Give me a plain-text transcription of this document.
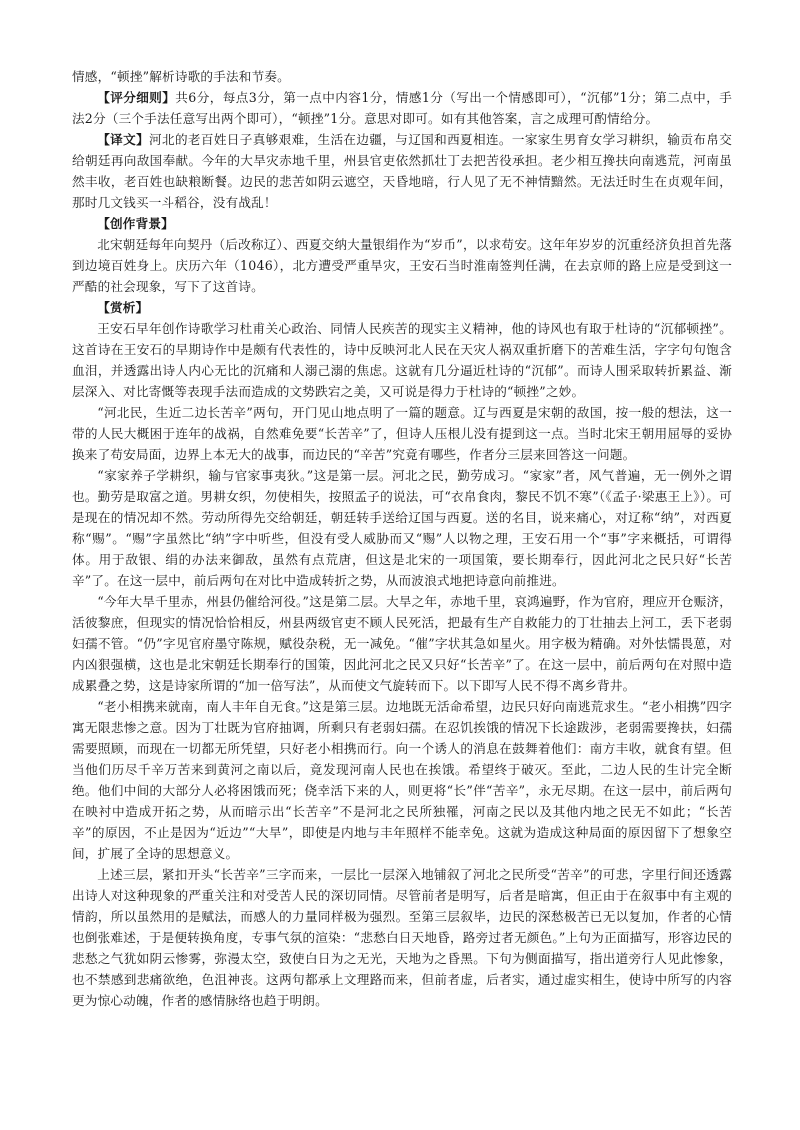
情感，“顿挫”解析诗歌的手法和节奏。

【评分细则】共6分，每点3分，第一点中内容1分，情感1分（写出一个情感即可），“沉郁”1分；第二点中，手法2分（三个手法任意写出两个即可），“顿挫”1分。意思对即可。如有其他答案，言之成理可酌情给分。

【译文】河北的老百姓日子真够艰难，生活在边疆，与辽国和西夏相连。一家家生男育女学习耕织，输贡布帛交给朝廷再向敌国奉献。今年的大旱灾赤地千里，州县官吏依然抓壮丁去把苦役承担。老少相互搀扶向南逃荒，河南虽然丰收，老百姓也缺粮断餐。边民的悲苦如阴云遮空，天昏地暗，行人见了无不神情黯然。无法迁时生在贞观年间，那时几文钱买一斗稻谷，没有战乱！

【创作背景】

北宋朝廷每年向契丹（后改称辽）、西夏交纳大量银绢作为“岁币”，以求苟安。这年年岁岁的沉重经济负担首先落到边境百姓身上。庆历六年（1046），北方遭受严重旱灾，王安石当时淮南签判任满，在去京师的路上应是受到这一严酷的社会现象，写下了这首诗。

【赏析】

王安石早年创作诗歌学习杜甫关心政治、同情人民疾苦的现实主义精神，他的诗风也有取于杜诗的“沉郁顿挫”。这首诗在王安石的早期诗作中是颇有代表性的，诗中反映河北人民在天灾人祸双重折磨下的苦难生活，字字句句饱含血泪，并透露出诗人内心无比的沉痛和人溺己溺的焦虑。这就有几分逼近杜诗的“沉郁”。而诗人围采取转折累益、渐层深入、对比寄慨等表现手法而造成的文势跌宕之美，又可说是得力于杜诗的“顿挫”之妙。

“河北民，生近二边长苦辛”两句，开门见山地点明了一篇的题意。辽与西夏是宋朝的敌国，按一般的想法，这一带的人民大概困于连年的战祸，自然难免要“长苦辛”了，但诗人压根儿没有提到这一点。当时北宋王朝用屈辱的妥协换来了苟安局面，边界上本无大的战事，而边民的“辛苦”究竟有哪些，作者分三层来回答这一问题。

“家家养子学耕织，输与官家事夷狄。”这是第一层。河北之民，勤劳成习。“家家”者，风气普遍，无一例外之谓也。勤劳是取富之道。男耕女织，勿使相失，按照孟子的说法，可“衣帛食肉，黎民不饥不寒”（《孟子·梁惠王上》）。可是现在的情况却不然。劳动所得先交给朝廷，朝廷转手送给辽国与西夏。送的名目，说来痛心，对辽称“纳”，对西夏称“赐”。“赐”字虽然比“纳”字中听些，但没有受人威胁而又“赐”人以物之理，王安石用一个“事”字来概括，可谓得体。用于敌银、绢的办法来御敌，虽然有点荒唐，但这是北宋的一项国策，要长期奉行，因此河北之民只好“长苦辛”了。在这一层中，前后两句在对比中造成转折之势，从而波浪式地把诗意向前推进。

“今年大旱千里赤，州县仍催给河役。”这是第二层。大旱之年，赤地千里，哀鸿遍野，作为官府，理应开仓赈济，活彼黎庶，但现实的情况恰恰相反，州县两级官吏不顾人民死活，把最有生产自救能力的丁壮抽去上河工，丢下老弱妇孺不管。“仍”字见官府墨守陈规，赋役杂税，无一减免。“催”字状其急如星火。用字极为精确。对外怯懦畏葸，对内凶狠强横，这也是北宋朝廷长期奉行的国策，因此河北之民又只好“长苦辛”了。在这一层中，前后两句在对照中造成累叠之势，这是诗家所谓的“加一倍写法”，从而使文气旋转而下。以下即写人民不得不离乡背井。

“老小相携来就南，南人丰年自无食。”这是第三层。边地既无活命希望，边民只好向南逃荒求生。“老小相携”四字寓无限悲惨之意。因为丁壮既为官府抽调，所剩只有老弱妇孺。在忍饥挨饿的情况下长途跋涉，老弱需要搀扶，妇孺需要照顾，而现在一切都无所凭望，只好老小相携而行。向一个诱人的消息在鼓舞着他们：南方丰收，就食有望。但当他们历尽千辛万苦来到黄河之南以后，竟发现河南人民也在挨饿。希望终于破灭。至此，二边人民的生计完全断绝。他们中间的大部分人必将困饿而死；侥幸活下来的人，则更将“长”伴“苦辛”，永无尽期。在这一层中，前后两句在映衬中造成开拓之势，从而暗示出“长苦辛”不是河北之民所独罹，河南之民以及其他内地之民无不如此；“长苦辛”的原因，不止是因为“近边”“大旱”，即使是内地与丰年照样不能幸免。这就为造成这种局面的原因留下了想象空间，扩展了全诗的思想意义。

上述三层，紧扣开头“长苦辛”三字而来，一层比一层深入地铺叙了河北之民所受“苦辛”的可悲，字里行间还透露出诗人对这种现象的严重关注和对受苦人民的深切同情。尽管前者是明写，后者是暗寓，但正由于在叙事中有主观的情韵，所以虽然用的是赋法，而感人的力量同样极为强烈。至第三层叙毕，边民的深愁极苦已无以复加，作者的心情也倒张难述，于是便转换角度，专事气氛的渲染：“悲愁白日天地昏，路旁过者无颜色。”上句为正面描写，形容边民的悲愁之气犹如阴云惨雾，弥漫太空，致使白日为之无光，天地为之昏黑。下句为侧面描写，指出道旁行人见此惨象，也不禁感到悲痛欲绝，色沮神丧。这两句都承上文理路而来，但前者虚，后者实，通过虚实相生，使诗中所写的内容更为惊心动魄，作者的感情脉络也趋于明朗。
